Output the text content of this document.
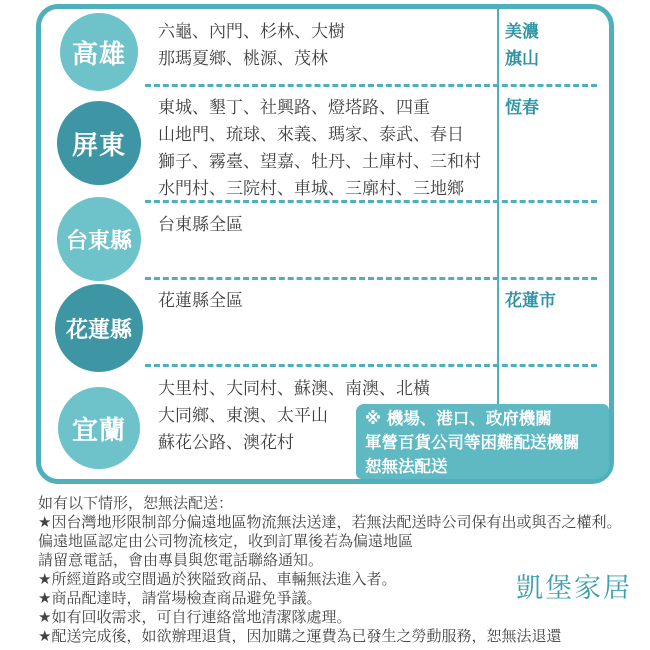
高雄
六龜、內門、杉林、大樹
那瑪夏鄉、桃源、茂林
美濃
旗山
屏東
東城、墾丁、社興路、燈塔路、四重
山地門、琉球、來義、瑪家、泰武、春日
獅子、霧臺、望嘉、牡丹、土庫村、三和村
水門村、三院村、車城、三廓村、三地鄉
恆春
台東縣
台東縣全區
花蓮縣
花蓮縣全區	花蓮市
宜蘭
大里村、大同村、蘇澳、南澳、北橫
大同鄉、東澳、太平山
蘇花公路、澳花村
※ 機場、港口、政府機關
軍營百貨公司等困難配送機關
恕無法配送
如有以下情形，恕無法配送：
★因台灣地形限制部分偏遠地區物流無法送達，若無法配送時公司保有出或與否之權利。
偏遠地區認定由公司物流核定，收到訂單後若為偏遠地區
請留意電話，會由專員與您電話聯絡通知。
★所經道路或空間過於狹隘致商品、車輛無法進入者。
★商品配達時，請當場檢查商品避免爭議。
★如有回收需求，可自行連絡當地清潔隊處理。
★配送完成後，如欲辦理退貨，因加購之運費為已發生之勞動服務，恕無法退還
凱堡家居
